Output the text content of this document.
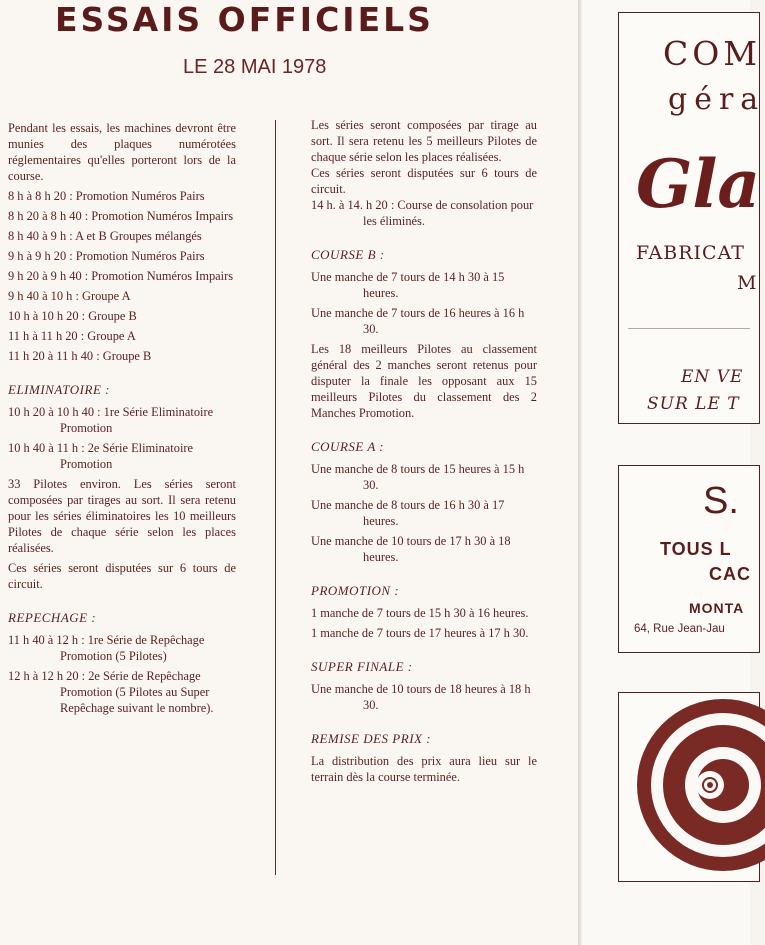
ESSAIS OFFICIELS
LE 28 MAI 1978

Pendant les essais, les machines devront être munies des plaques numérotées réglementaires qu'elles porteront lors de la course.

8 h à 8 h 20 : Promotion Numéros Pairs
8 h 20 à 8 h 40 : Promotion Numéros Impairs
8 h 40 à 9 h : A et B Groupes mélangés
9 h à 9 h 20 : Promotion Numéros Pairs
9 h 20 à 9 h 40 : Promotion Numéros Impairs
9 h 40 à 10 h : Groupe A
10 h à 10 h 20 : Groupe B
11 h à 11 h 20 : Groupe A
11 h 20 à 11 h 40 : Groupe B
ELIMINATOIRE :
10 h 20 à 10 h 40 : 1re Série Eliminatoire Promotion
10 h 40 à 11 h : 2e Série Eliminatoire Promotion

33 Pilotes environ. Les séries seront composées par tirages au sort. Il sera retenu pour les séries éliminatoires les 10 meilleurs Pilotes de chaque série selon les places réalisées.

Ces séries seront disputées sur 6 tours de circuit.

REPECHAGE :
11 h 40 à 12 h : 1re Série de Repêchage Promotion (5 Pilotes)
12 h à 12 h 20 : 2e Série de Repêchage Promotion (5 Pilotes au Super Repêchage suivant le nombre).

Les séries seront composées par tirage au sort. Il sera retenu les 5 meilleurs Pilotes de chaque série selon les places réalisées.

Ces séries seront disputées sur 6 tours de circuit.

14 h. à 14. h 20 : Course de consolation pour les éliminés.
COURSE B :
Une manche de 7 tours de 14 h 30 à 15 heures.
Une manche de 7 tours de 16 heures à 16 h 30.

Les 18 meilleurs Pilotes au classement général des 2 manches seront retenus pour disputer la finale les opposant aux 15 meilleurs Pilotes du classement des 2 Manches Promotion.

COURSE A :
Une manche de 8 tours de 15 heures à 15 h 30.
Une manche de 8 tours de 16 h 30 à 17 heures.
Une manche de 10 tours de 17 h 30 à 18 heures.
PROMOTION :
1 manche de 7 tours de 15 h 30 à 16 heures.
1 manche de 7 tours de 17 heures à 17 h 30.
SUPER FINALE :
Une manche de 10 tours de 18 heures à 18 h 30.
REMISE DES PRIX :

La distribution des prix aura lieu sur le terrain dès la course terminée.

COM
géra
Gla
FABRICAT
M
EN VE
SUR LE T
S.
TOUS L
CAC
MONTA
64, Rue Jean-Jau
